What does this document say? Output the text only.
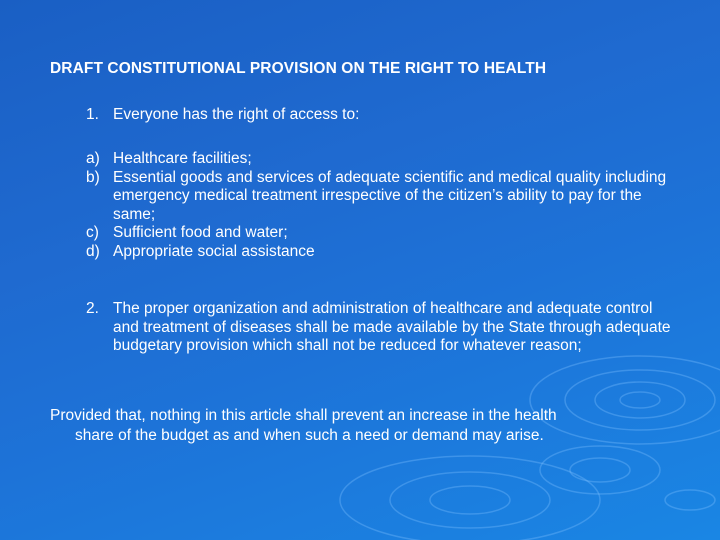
DRAFT CONSTITUTIONAL PROVISION ON THE RIGHT TO HEALTH
1. Everyone has the right of access to:
a) Healthcare facilities;
b) Essential goods and services of adequate scientific and medical quality including emergency medical treatment irrespective of the citizen’s ability to pay for the same;
c) Sufficient food and water;
d) Appropriate social assistance
2. The proper organization and administration of healthcare and adequate control and treatment of diseases shall be made available by the State through adequate budgetary provision which shall not be reduced for whatever reason;
Provided that, nothing in this article shall prevent an increase in the health
share of the budget as and when such a need or demand may arise.
